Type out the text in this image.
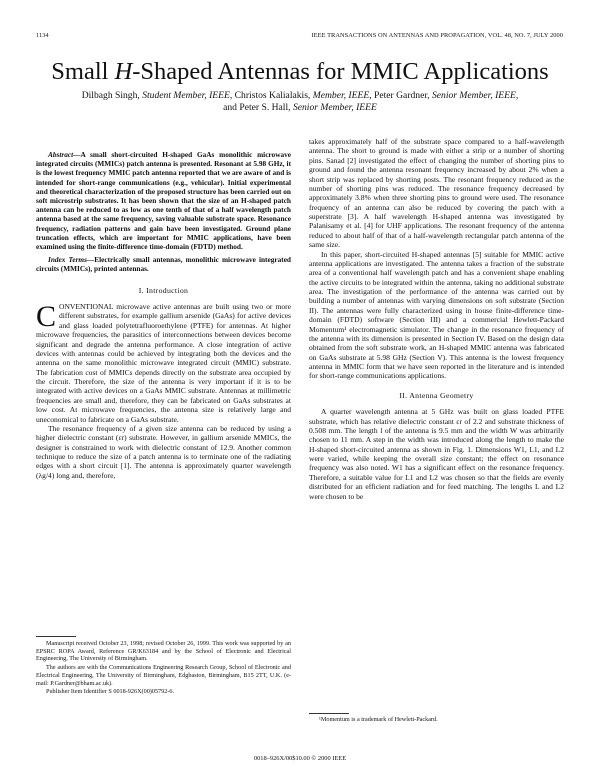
1134	IEEE TRANSACTIONS ON ANTENNAS AND PROPAGATION, VOL. 48, NO. 7, JULY 2000
Small H-Shaped Antennas for MMIC Applications
Dilbagh Singh, Student Member, IEEE, Christos Kalialakis, Member, IEEE, Peter Gardner, Senior Member, IEEE,
and Peter S. Hall, Senior Member, IEEE
Abstract—A small short-circuited H-shaped GaAs monolithic microwave integrated circuits (MMICs) patch antenna is presented. Resonant at 5.98 GHz, it is the lowest frequency MMIC patch antenna reported that we are aware of and is intended for short-range communications (e.g., vehicular). Initial experimental and theoretical characterization of the proposed structure has been carried out on soft microstrip substrates. It has been shown that the size of an H-shaped patch antenna can be reduced to as low as one tenth of that of a half wavelength patch antenna based at the same frequency, saving valuable substrate space. Resonance frequency, radiation patterns and gain have been investigated. Ground plane truncation effects, which are important for MMIC applications, have been examined using the finite-difference time-domain (FDTD) method.
Index Terms—Electrically small antennas, monolithic microwave integrated circuits (MMICs), printed antennas.
I. Introduction

CONVENTIONAL microwave active antennas are built using two or more different substrates, for example gallium arsenide (GaAs) for active devices and glass loaded polytetrafluoroethylene (PTFE) for antennas. At higher microwave frequencies, the parasitics of interconnections between devices become significant and degrade the antenna performance. A close integration of active devices with antennas could be achieved by integrating both the devices and the antenna on the same monolithic microwave integrated circuit (MMIC) substrate. The fabrication cost of MMICs depends directly on the substrate area occupied by the circuit. Therefore, the size of the antenna is very important if it is to be integrated with active devices on a GaAs MMIC substrate. Antennas at millimetric frequencies are small and, therefore, they can be fabricated on GaAs substrates at low cost. At microwave frequencies, the antenna size is relatively large and uneconomical to fabricate on a GaAs substrate.

The resonance frequency of a given size antenna can be reduced by using a higher dielectric constant (εr) substrate. However, in gallium arsenide MMICs, the designer is constrained to work with dielectric constant of 12.9. Another common technique to reduce the size of a patch antenna is to terminate one of the radiating edges with a short circuit [1]. The antenna is approximately quarter wavelength (λg/4) long and, therefore,

Manuscript received October 23, 1998; revised October 26, 1999. This work was supported by an EPSRC ROPA Award, Reference GR/K63184 and by the School of Electronic and Electrical Engineering, The University of Birmingham.

The authors are with the Communications Engineering Research Group, School of Electronic and Electrical Engineering, The University of Birmingham, Edgbaston, Birmingham, B15 2TT, U.K. (e-mail: P.Gardner@bham.ac.uk).

Publisher Item Identifier S 0018-926X(00)05792-6.

takes approximately half of the substrate space compared to a half-wavelength antenna. The short to ground is made with either a strip or a number of shorting pins. Sanad [2] investigated the effect of changing the number of shorting pins to ground and found the antenna resonant frequency increased by about 2% when a short strip was replaced by shorting posts. The resonant frequency reduced as the number of shorting pins was reduced. The resonance frequency decreased by approximately 3.8% when three shorting pins to ground were used. The resonance frequency of an antenna can also be reduced by covering the patch with a superstrate [3]. A half wavelength H-shaped antenna was investigated by Palanisamy et al. [4] for UHF applications. The resonant frequency of the antenna reduced to about half of that of a half-wavelength rectangular patch antenna of the same size.

In this paper, short-circuited H-shaped antennas [5] suitable for MMIC active antenna applications are investigated. The antenna takes a fraction of the substrate area of a conventional half wavelength patch and has a convenient shape enabling the active circuits to be integrated within the antenna, taking no additional substrate area. The investigation of the performance of the antenna was carried out by building a number of antennas with varying dimensions on soft substrate (Section II). The antennas were fully characterized using in house finite-difference time-domain (FDTD) software (Section III) and a commercial Hewlett-Packard Momentum¹ electromagnetic simulator. The change in the resonance frequency of the antenna with its dimension is presented in Section IV. Based on the design data obtained from the soft substrate work, an H-shaped MMIC antenna was fabricated on GaAs substrate at 5.98 GHz (Section V). This antenna is the lowest frequency antenna in MMIC form that we have seen reported in the literature and is intended for short-range communications applications.

II. Antenna Geometry

A quarter wavelength antenna at 5 GHz was built on glass loaded PTFE substrate, which has relative dielectric constant εr of 2.2 and substrate thickness of 0.508 mm. The length l of the antenna is 9.5 mm and the width W was arbitrarily chosen to 11 mm. A step in the width was introduced along the length to make the H-shaped short-circuited antenna as shown in Fig. 1. Dimensions W1, L1, and L2 were varied, while keeping the overall size constant; the effect on resonance frequency was also noted. W1 has a significant effect on the resonance frequency. Therefore, a suitable value for L1 and L2 was chosen so that the fields are evenly distributed for an efficient radiation and for feed matching. The lengths L and L2 were chosen to be

¹Momentum is a trademark of Hewlett-Packard.
0018–926X/00$10.00 © 2000 IEEE
